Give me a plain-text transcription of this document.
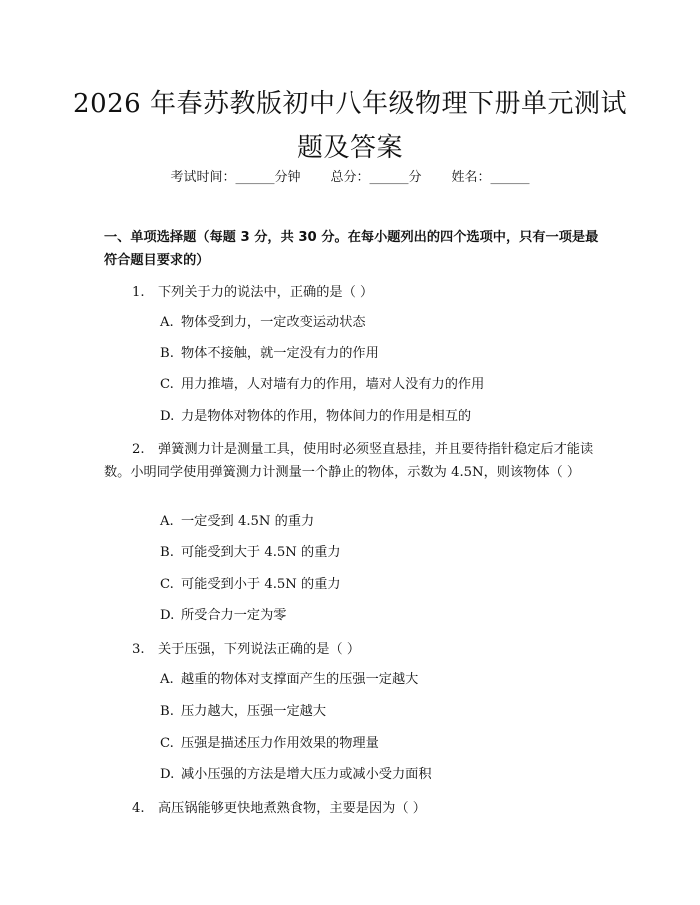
2026 年春苏教版初中八年级物理下册单元测试题及答案
考试时间：______分钟 总分：______分 姓名：______
一、单项选择题（每题 3 分，共 30 分。在每小题列出的四个选项中，只有一项是最符合题目要求的）
1. 下列关于力的说法中，正确的是（ ）
A. 物体受到力，一定改变运动状态
B. 物体不接触，就一定没有力的作用
C. 用力推墙，人对墙有力的作用，墙对人没有力的作用
D. 力是物体对物体的作用，物体间力的作用是相互的
2. 弹簧测力计是测量工具，使用时必须竖直悬挂，并且要待指针稳定后才能读数。小明同学使用弹簧测力计测量一个静止的物体，示数为 4.5N，则该物体（ ）
A. 一定受到 4.5N 的重力
B. 可能受到大于 4.5N 的重力
C. 可能受到小于 4.5N 的重力
D. 所受合力一定为零
3. 关于压强，下列说法正确的是（ ）
A. 越重的物体对支撑面产生的压强一定越大
B. 压力越大，压强一定越大
C. 压强是描述压力作用效果的物理量
D. 减小压强的方法是增大压力或减小受力面积
4. 高压锅能够更快地煮熟食物，主要是因为（ ）
